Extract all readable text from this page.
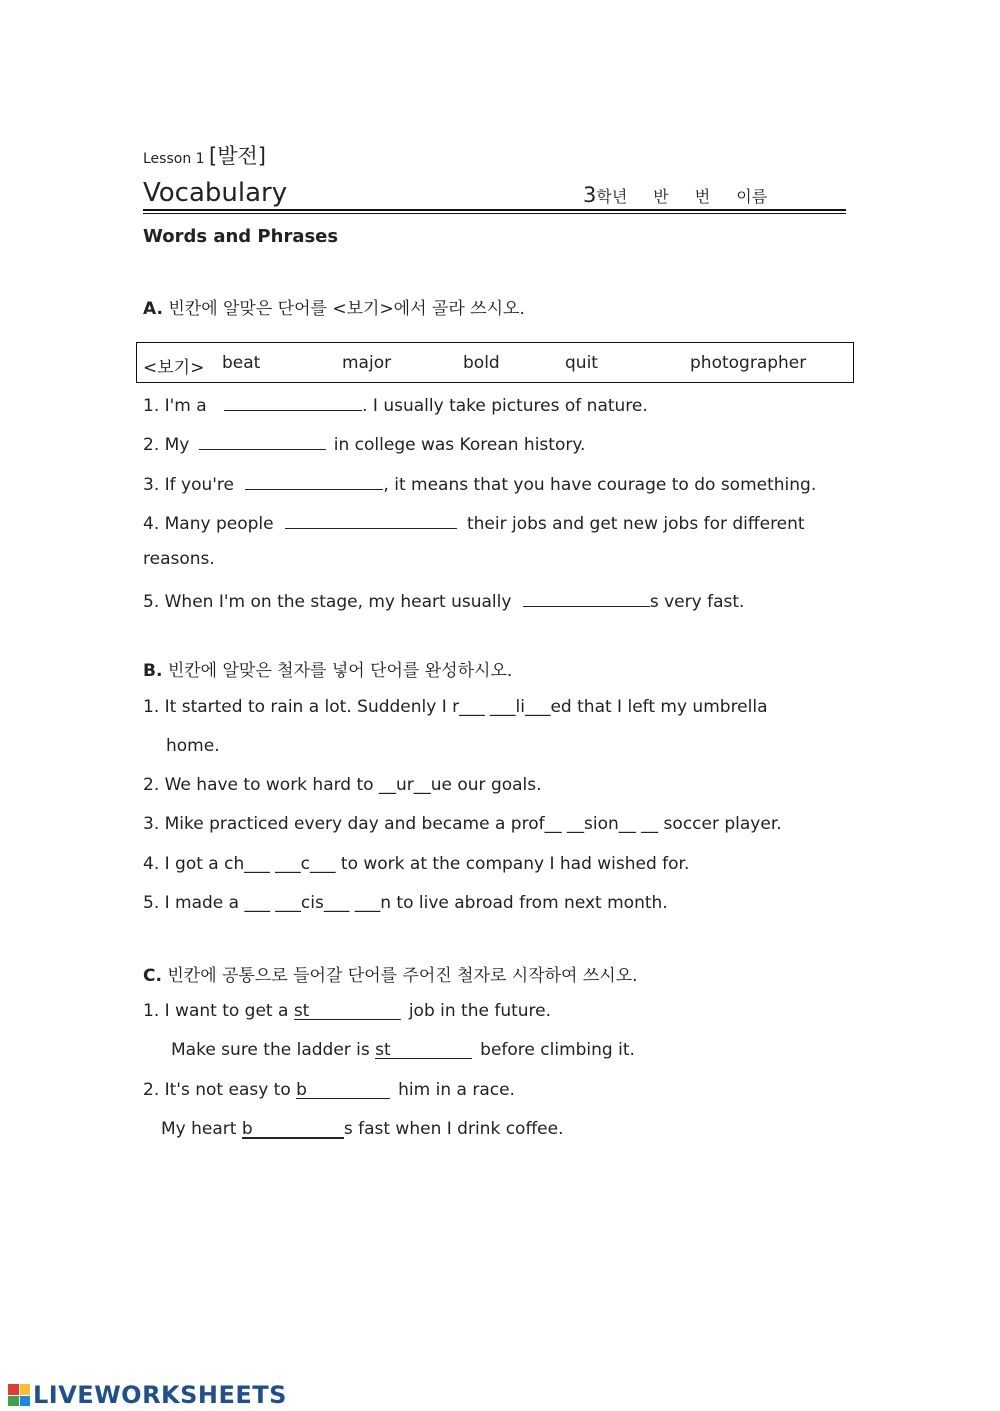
Lesson 1 [발전]
Vocabulary	3학년 반 번 이름
Words and Phrases
A. 빈칸에 알맞은 단어를 <보기>에서 골라 쓰시오.
<보기> beat	major	bold	quit	photographer
1. I'm a	. I usually take pictures of nature.
2. My	in college was Korean history.
3. If you're	, it means that you have courage to do something.
4. Many people	their jobs and get new jobs for different
reasons.
5. When I'm on the stage, my heart usually	s very fast.
B. 빈칸에 알맞은 철자를 넣어 단어를 완성하시오.
1. It started to rain a lot. Suddenly I r___ ___li___ed that I left my umbrella
home.
2. We have to work hard to __ur__ue our goals.
3. Mike practiced every day and became a prof__ __sion__ __ soccer player.
4. I got a ch___ ___c___ to work at the company I had wished for.
5. I made a ___ ___cis___ ___n to live abroad from next month.
C. 빈칸에 공통으로 들어갈 단어를 주어진 철자로 시작하여 쓰시오.
1. I want to get a st	job in the future.
Make sure the ladder is st	before climbing it.
2. It's not easy to b	him in a race.
My heart b	s fast when I drink coffee.
LIVEWORKSHEETS
